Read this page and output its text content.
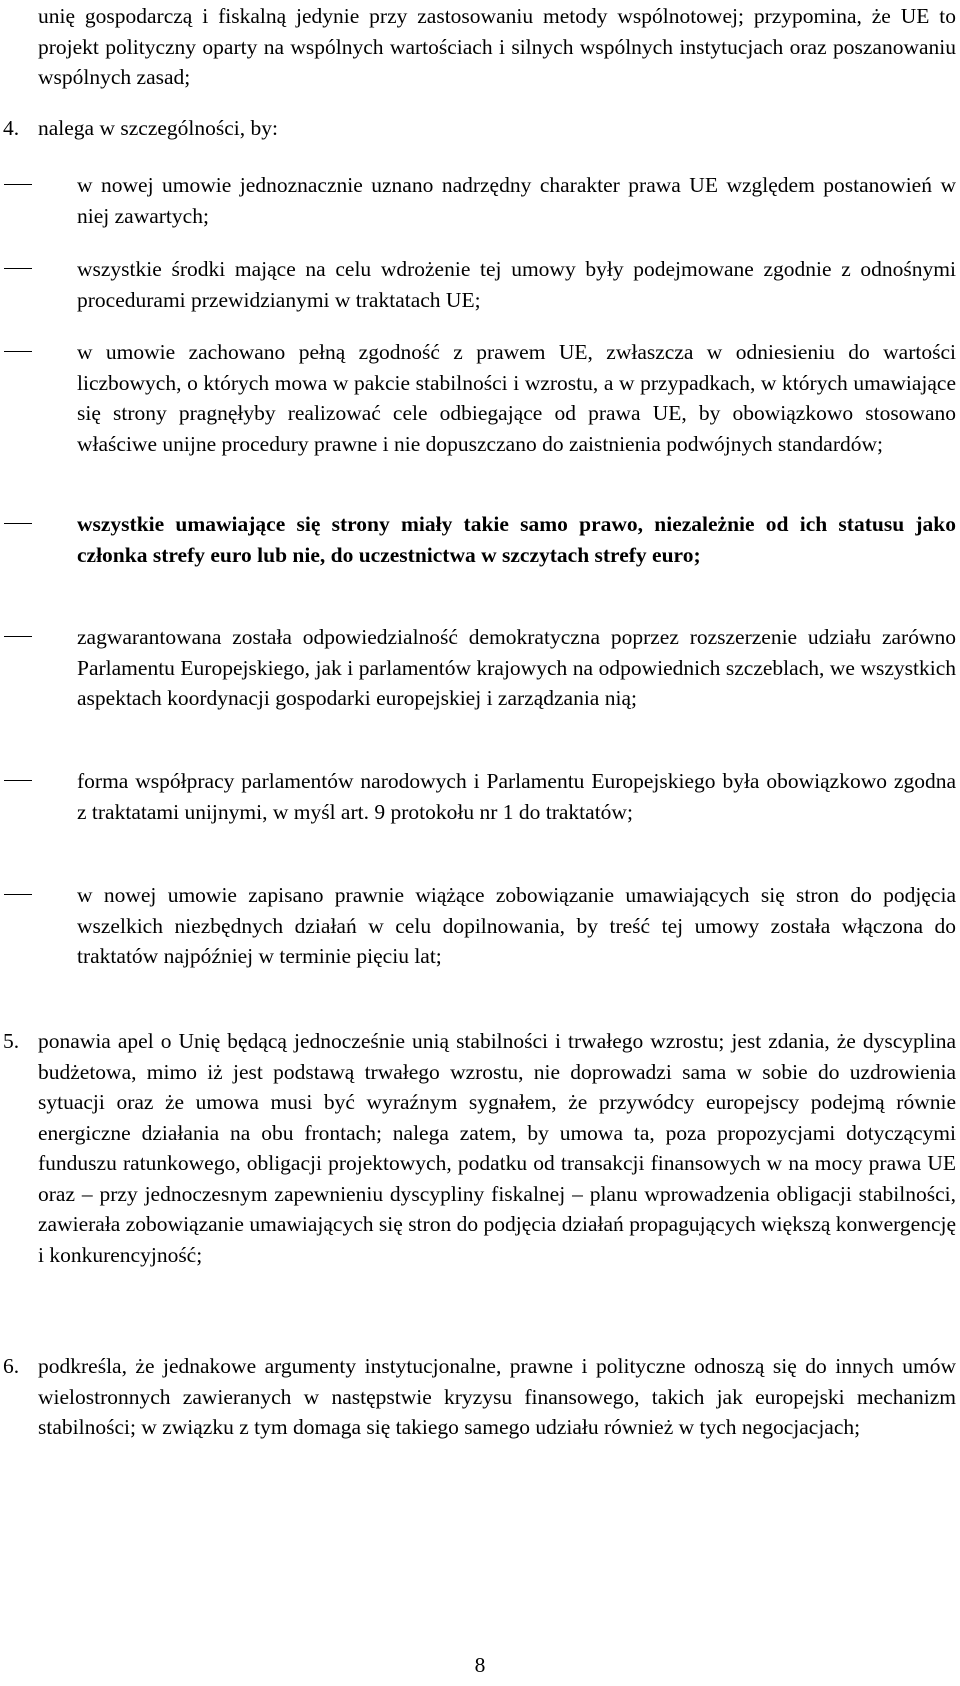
unię gospodarczą i fiskalną jedynie przy zastosowaniu metody wspólnotowej; przypomina, że UE to projekt polityczny oparty na wspólnych wartościach i silnych wspólnych instytucjach oraz poszanowaniu wspólnych zasad;
4. nalega w szczególności, by:
w nowej umowie jednoznacznie uznano nadrzędny charakter prawa UE względem postanowień w niej zawartych;
wszystkie środki mające na celu wdrożenie tej umowy były podejmowane zgodnie z odnośnymi procedurami przewidzianymi w traktatach UE;
w umowie zachowano pełną zgodność z prawem UE, zwłaszcza w odniesieniu do wartości liczbowych, o których mowa w pakcie stabilności i wzrostu, a w przypadkach, w których umawiające się strony pragnęłyby realizować cele odbiegające od prawa UE, by obowiązkowo stosowano właściwe unijne procedury prawne i nie dopuszczano do zaistnienia podwójnych standardów;
wszystkie umawiające się strony miały takie samo prawo, niezależnie od ich statusu jako członka strefy euro lub nie, do uczestnictwa w szczytach strefy euro;
zagwarantowana została odpowiedzialność demokratyczna poprzez rozszerzenie udziału zarówno Parlamentu Europejskiego, jak i parlamentów krajowych na odpowiednich szczeblach, we wszystkich aspektach koordynacji gospodarki europejskiej i zarządzania nią;
forma współpracy parlamentów narodowych i Parlamentu Europejskiego była obowiązkowo zgodna z traktatami unijnymi, w myśl art. 9 protokołu nr 1 do traktatów;
w nowej umowie zapisano prawnie wiążące zobowiązanie umawiających się stron do podjęcia wszelkich niezbędnych działań w celu dopilnowania, by treść tej umowy została włączona do traktatów najpóźniej w terminie pięciu lat;
5. ponawia apel o Unię będącą jednocześnie unią stabilności i trwałego wzrostu; jest zdania, że dyscyplina budżetowa, mimo iż jest podstawą trwałego wzrostu, nie doprowadzi sama w sobie do uzdrowienia sytuacji oraz że umowa musi być wyraźnym sygnałem, że przywódcy europejscy podejmą równie energiczne działania na obu frontach; nalega zatem, by umowa ta, poza propozycjami dotyczącymi funduszu ratunkowego, obligacji projektowych, podatku od transakcji finansowych w na mocy prawa UE oraz – przy jednoczesnym zapewnieniu dyscypliny fiskalnej – planu wprowadzenia obligacji stabilności, zawierała zobowiązanie umawiających się stron do podjęcia działań propagujących większą konwergencję i konkurencyjność;
6. podkreśla, że jednakowe argumenty instytucjonalne, prawne i polityczne odnoszą się do innych umów wielostronnych zawieranych w następstwie kryzysu finansowego, takich jak europejski mechanizm stabilności; w związku z tym domaga się takiego samego udziału również w tych negocjacjach;
8
